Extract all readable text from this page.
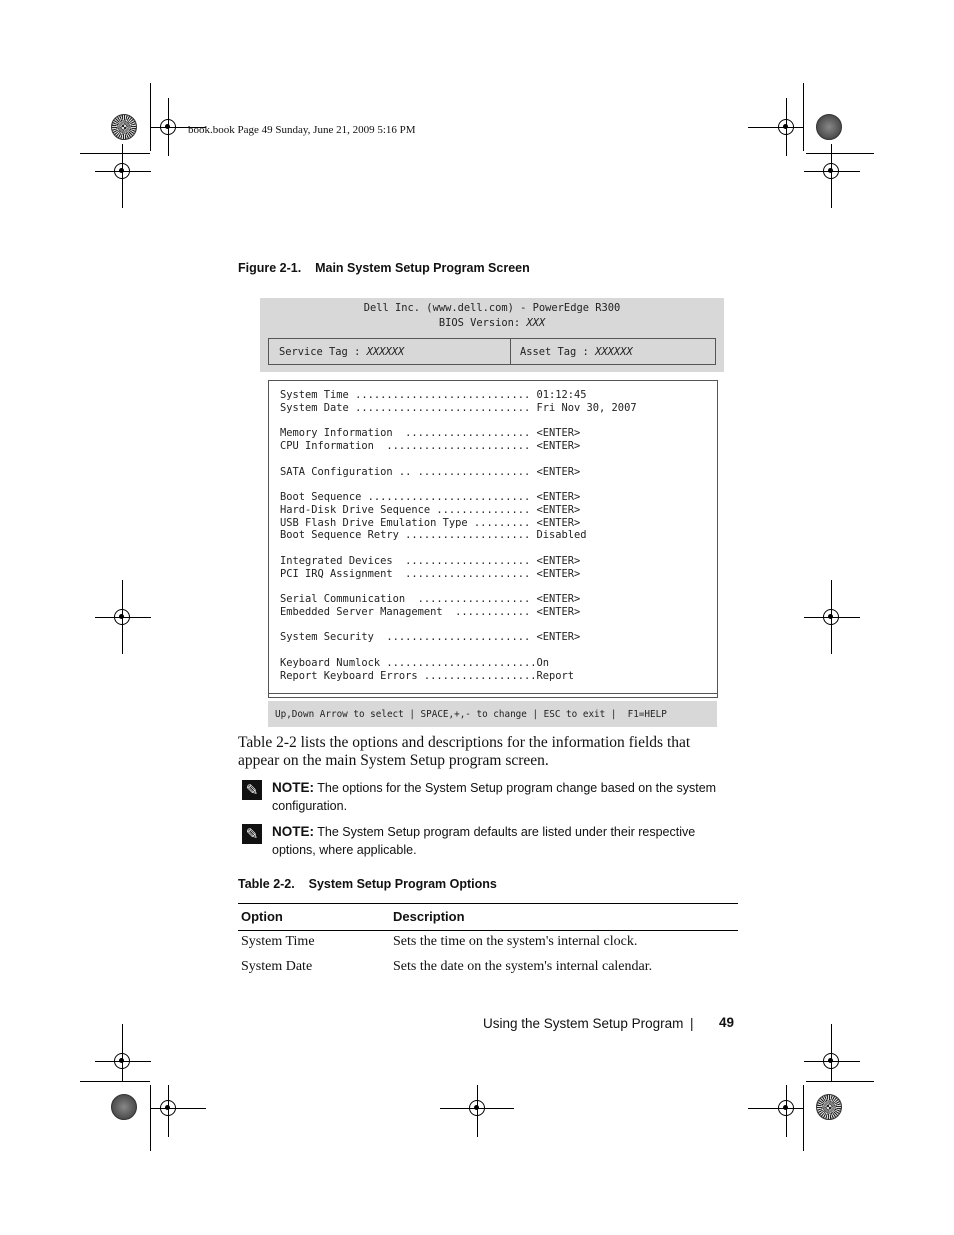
book.book Page 49 Sunday, June 21, 2009 5:16 PM
Figure 2-1.    Main System Setup Program Screen
Dell Inc. (www.dell.com) - PowerEdge R300
BIOS Version: XXX
Service Tag : XXXXXX	Asset Tag : XXXXXX
System Time ............................ 01:12:45
System Date ............................ Fri Nov 30, 2007
Memory Information  .................... <ENTER>
CPU Information  ....................... <ENTER>
SATA Configuration .. .................. <ENTER>
Boot Sequence .......................... <ENTER>
Hard-Disk Drive Sequence ............... <ENTER>
USB Flash Drive Emulation Type ......... <ENTER>
Boot Sequence Retry .................... Disabled
Integrated Devices  .................... <ENTER>
PCI IRQ Assignment  .................... <ENTER>
Serial Communication  .................. <ENTER>
Embedded Server Management  ............ <ENTER>
System Security  ....................... <ENTER>
Keyboard Numlock ........................On
Report Keyboard Errors ..................Report
Up,Down Arrow to select | SPACE,+,- to change | ESC to exit |  F1=HELP
Table 2-2 lists the options and descriptions for the information fields that appear on the main System Setup program screen.
✎ NOTE: The options for the System Setup program change based on the system configuration.
✎ NOTE: The System Setup program defaults are listed under their respective options, where applicable.
Table 2-2.    System Setup Program Options
Option	Description
System Time	Sets the time on the system's internal clock.
System Date	Sets the date on the system's internal calendar.
Using the System Setup Program | 49
